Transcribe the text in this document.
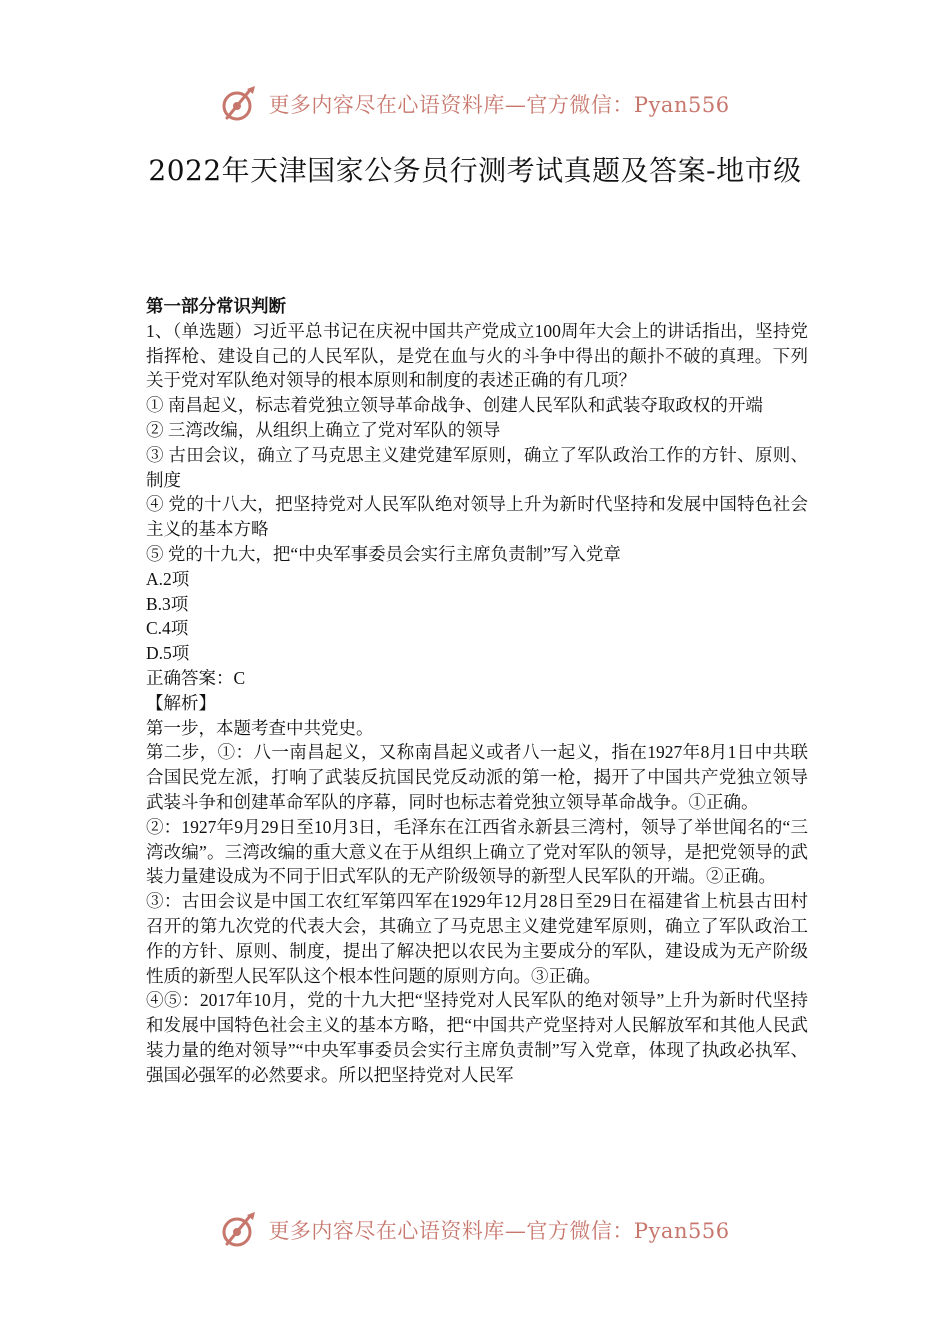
更多内容尽在心语资料库—官方微信：Pyan556
2022年天津国家公务员行测考试真题及答案-地市级

第一部分常识判断

1、（单选题）习近平总书记在庆祝中国共产党成立100周年大会上的讲话指出，坚持党指挥枪、建设自己的人民军队，是党在血与火的斗争中得出的颠扑不破的真理。下列关于党对军队绝对领导的根本原则和制度的表述正确的有几项？

① 南昌起义，标志着党独立领导革命战争、创建人民军队和武装夺取政权的开端

② 三湾改编，从组织上确立了党对军队的领导

③ 古田会议，确立了马克思主义建党建军原则，确立了军队政治工作的方针、原则、制度

④ 党的十八大，把坚持党对人民军队绝对领导上升为新时代坚持和发展中国特色社会主义的基本方略

⑤ 党的十九大，把“中央军事委员会实行主席负责制”写入党章

A.2项

B.3项

C.4项

D.5项

正确答案：C

【解析】

第一步，本题考查中共党史。

第二步，①：八一南昌起义，又称南昌起义或者八一起义，指在1927年8月1日中共联合国民党左派，打响了武装反抗国民党反动派的第一枪，揭开了中国共产党独立领导武装斗争和创建革命军队的序幕，同时也标志着党独立领导革命战争。①正确。

②：1927年9月29日至10月3日，毛泽东在江西省永新县三湾村，领导了举世闻名的“三湾改编”。三湾改编的重大意义在于从组织上确立了党对军队的领导，是把党领导的武装力量建设成为不同于旧式军队的无产阶级领导的新型人民军队的开端。②正确。

③：古田会议是中国工农红军第四军在1929年12月28日至29日在福建省上杭县古田村召开的第九次党的代表大会，其确立了马克思主义建党建军原则，确立了军队政治工作的方针、原则、制度，提出了解决把以农民为主要成分的军队，建设成为无产阶级性质的新型人民军队这个根本性问题的原则方向。③正确。

④⑤：2017年10月，党的十九大把“坚持党对人民军队的绝对领导”上升为新时代坚持和发展中国特色社会主义的基本方略，把“中国共产党坚持对人民解放军和其他人民武装力量的绝对领导”“中央军事委员会实行主席负责制”写入党章，体现了执政必执军、强国必强军的必然要求。所以把坚持党对人民军

更多内容尽在心语资料库—官方微信：Pyan556
